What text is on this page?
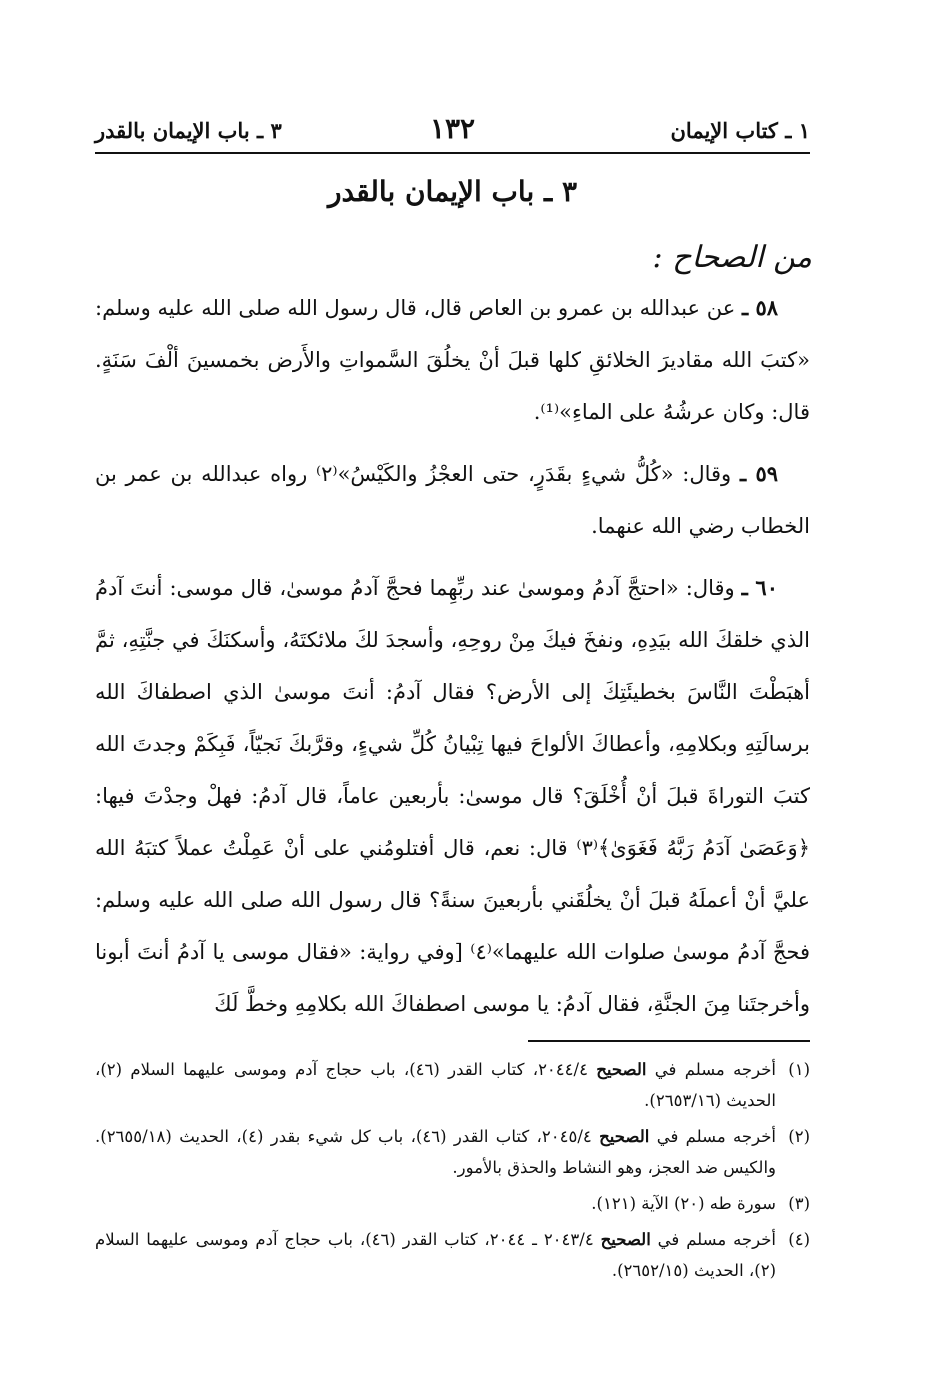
١ ـ كتاب الإيمان
١٣٢
٣ ـ باب الإيمان بالقدر
٣ ـ باب الإيمان بالقدر
من الصحاح :

٥٨ ـ عن عبدالله بن عمرو بن العاص قال، قال رسول الله صلى الله عليه وسلم: «كتبَ الله مقاديرَ الخلائقِ كلها قبلَ أنْ يخلُقَ السَّمواتِ والأَرض بخمسينَ ألْفَ سَنَةٍ. قال: وكان عرشُهُ على الماءِ»⁽¹⁾.

٥٩ ـ وقال: «كُلُّ شيءٍ بقَدَرٍ، حتى العجْزُ والكَيْسُ»⁽٢⁾ رواه عبدالله بن عمر بن الخطاب رضي الله عنهما.

٦٠ ـ وقال: «احتجَّ آدمُ وموسىٰ عند ربِّهِما فحجَّ آدمُ موسىٰ، قال موسى: أنتَ آدمُ الذي خلقكَ الله بيَدِهِ، ونفخَ فيكَ مِنْ روحِهِ، وأسجدَ لكَ ملائكتَهُ، وأسكنَكَ في جنَّتِهِ، ثمَّ أهبَطْتَ النَّاسَ بخطيئَتِكَ إلى الأرض؟ فقال آدمُ: أنتَ موسىٰ الذي اصطفاكَ الله برسالَتِهِ وبكلامِهِ، وأعطاكَ الألواحَ فيها تِبْيانُ كُلِّ شيءٍ، وقرَّبكَ نَجيّاً، فَبِكَمْ وجدتَ الله كتبَ التوراةَ قبلَ أنْ أُخْلَقَ؟ قال موسىٰ: بأربعين عاماً، قال آدمُ: فهلْ وجدْتَ فيها: ﴿وَعَصَىٰ آدَمُ رَبَّهُ فَغَوَىٰ﴾⁽٣⁾ قال: نعم، قال أفتلومُني على أنْ عَمِلْتُ عملاً كتبَهُ الله عليَّ أنْ أعملَهُ قبلَ أنْ يخلُقَني بأربعينَ سنةً؟ قال رسول الله صلى الله عليه وسلم: فحجَّ آدمُ موسىٰ صلوات الله عليهما»⁽٤⁾ [وفي رواية: «فقال موسى يا آدمُ أنتَ أبونا وأخرجتَنا مِنَ الجنَّةِ، فقال آدمُ: يا موسى اصطفاكَ الله بكلامِهِ وخطَّ لَكَ

(١)
أخرجه مسلم في الصحيح ٢٠٤٤/٤، كتاب القدر (٤٦)، باب حجاج آدم وموسى عليهما السلام (٢)، الحديث (٢٦٥٣/١٦).
(٢)
أخرجه مسلم في الصحيح ٢٠٤٥/٤، كتاب القدر (٤٦)، باب كل شيء بقدر (٤)، الحديث (٢٦٥٥/١٨). والكيس ضد العجز، وهو النشاط والحذق بالأمور.
(٣)
سورة طه (٢٠) الآية (١٢١).
(٤)
أخرجه مسلم في الصحيح ٢٠٤٣/٤ ـ ٢٠٤٤، كتاب القدر (٤٦)، باب حجاج آدم وموسى عليهما السلام (٢)، الحديث (٢٦٥٢/١٥).
